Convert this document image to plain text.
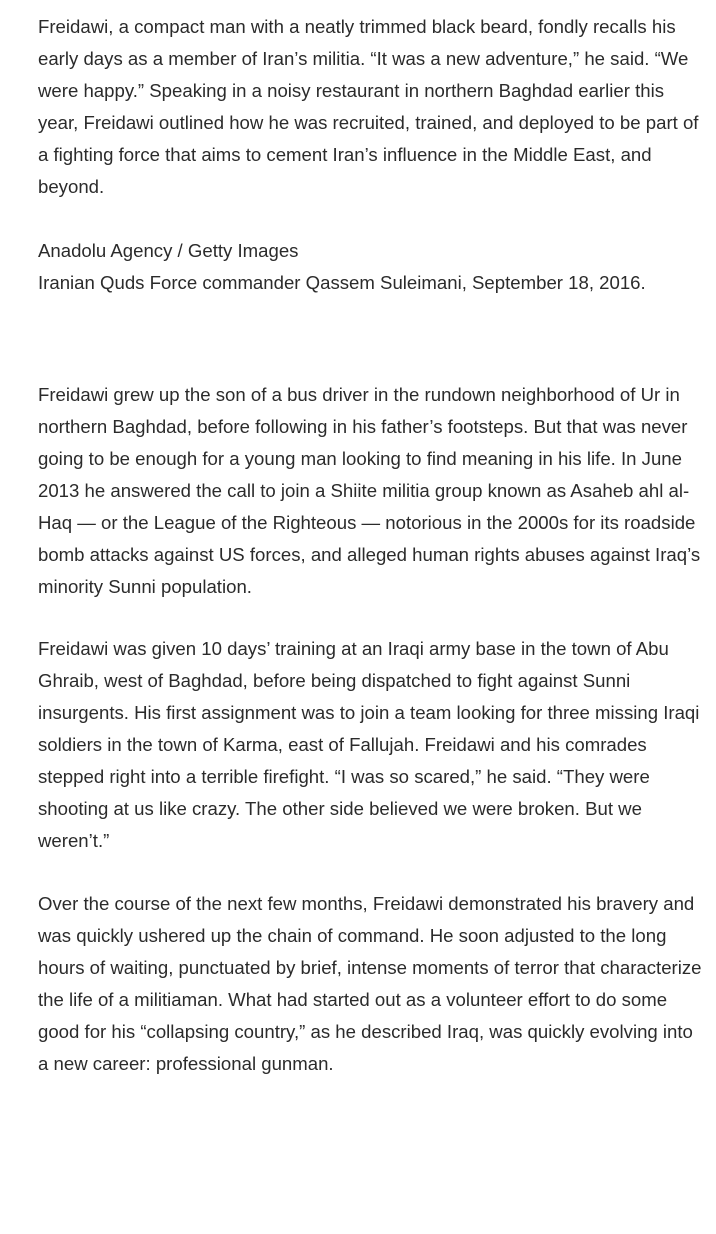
Freidawi, a compact man with a neatly trimmed black beard, fondly recalls his early days as a member of Iran’s militia. “It was a new adventure,” he said. “We were happy.” Speaking in a noisy restaurant in northern Baghdad earlier this year, Freidawi outlined how he was recruited, trained, and deployed to be part of a fighting force that aims to cement Iran’s influence in the Middle East, and beyond.

Anadolu Agency / Getty Images

Iranian Quds Force commander Qassem Suleimani, September 18, 2016.

Freidawi grew up the son of a bus driver in the rundown neighborhood of Ur in northern Baghdad, before following in his father’s footsteps. But that was never going to be enough for a young man looking to find meaning in his life. In June 2013 he answered the call to join a Shiite militia group known as Asaheb ahl al-Haq — or the League of the Righteous — notorious in the 2000s for its roadside bomb attacks against US forces, and alleged human rights abuses against Iraq’s minority Sunni population.

Freidawi was given 10 days’ training at an Iraqi army base in the town of Abu Ghraib, west of Baghdad, before being dispatched to fight against Sunni insurgents. His first assignment was to join a team looking for three missing Iraqi soldiers in the town of Karma, east of Fallujah. Freidawi and his comrades stepped right into a terrible firefight. “I was so scared,” he said. “They were shooting at us like crazy. The other side believed we were broken. But we weren’t.”

Over the course of the next few months, Freidawi demonstrated his bravery and was quickly ushered up the chain of command. He soon adjusted to the long hours of waiting, punctuated by brief, intense moments of terror that characterize the life of a militiaman. What had started out as a volunteer effort to do some good for his “collapsing country,” as he described Iraq, was quickly evolving into a new career: professional gunman.
